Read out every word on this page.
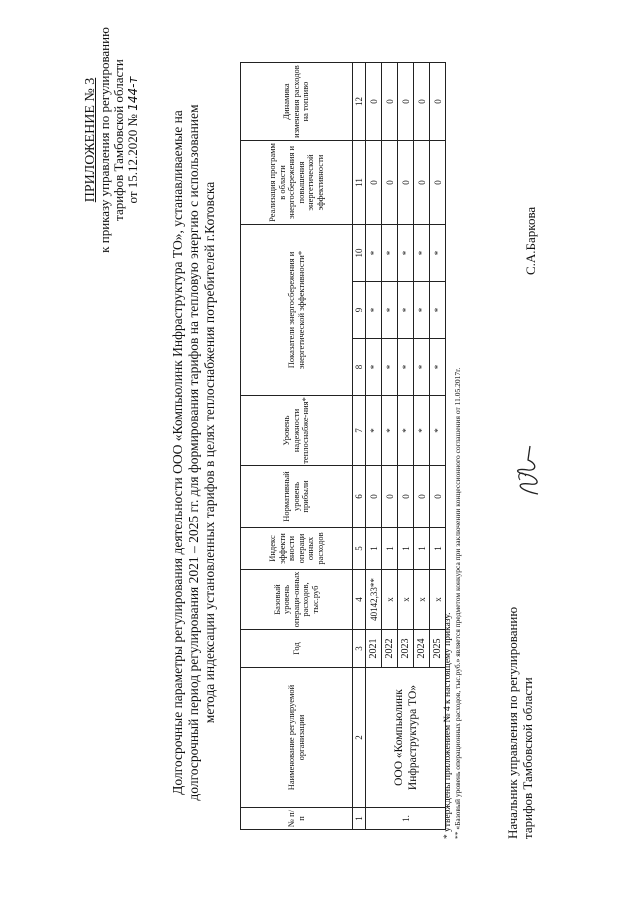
ПРИЛОЖЕНИЕ № 3 к приказу управления по регулированию тарифов Тамбовской области от 15.12.2020 № 144-т
Долгосрочные параметры регулирования деятельности ООО «Компьюлинк Инфраструктура ТО», устанавливаемые на долгосрочный период регулирования 2021 – 2025 гг. для формирования тарифов на тепловую энергию с использованием метода индексации установленных тарифов в целях теплоснабжения потребителей г.Котовска
№ п/п	Наименование регулируемой организации	Год	Базовый уровень операци-онных расходов, тыс.руб	Индекс эффекти вности операци онных расходов	Нормативный уровень прибыли	Уровень надежности теплоснабже-ния*	Показатели энергосбережения и энергетической эффективности*			Реализация программ в области энергосбережения и повышения энергетической эффективности	Динамика изменения расходов на топливо
1	2	3	4	5	6	7	8	9	10	11	12
1.	ООО «Компьюлинк Инфраструктура ТО»	2021	40142,33**	1	0	*	*	*	*	0	0
		2022	x	1	0	*	*	*	*	0	0
		2023	x	1	0	*	*	*	*	0	0
		2024	x	1	0	*	*	*	*	0	0
		2025	x	1	0	*	*	*	*	0	0
* утверждены приложением № 4 к настоящему приказу. ** «Базовый уровень операционных расходов, тыс.руб.» является предметом конкурса при заключении концессионного соглашения от 11.05.2017г.	Начальник управления по регулированию тарифов Тамбовской области
С.А.Баркова
